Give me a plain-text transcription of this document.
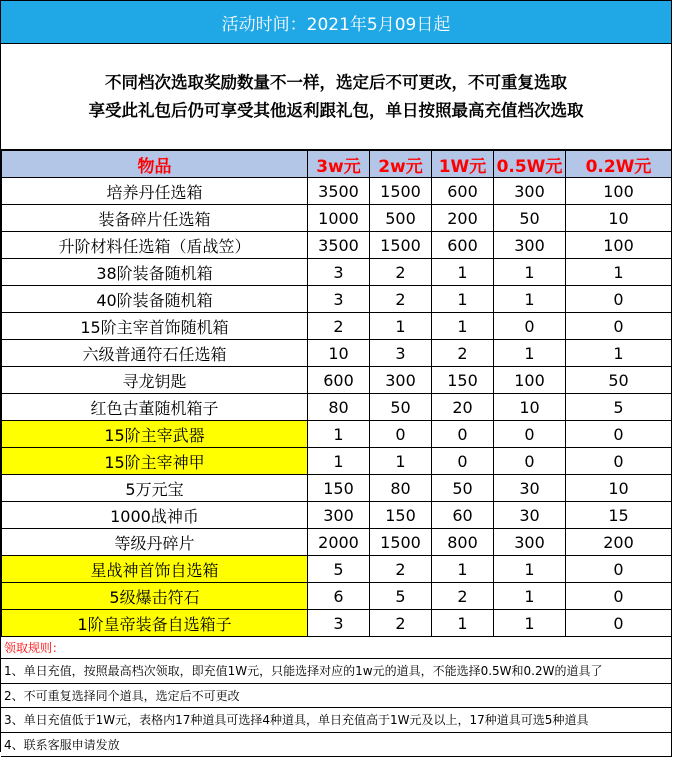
活动时间：2021年5月09日起
不同档次选取奖励数量不一样，选定后不可更改，不可重复选取
享受此礼包后仍可享受其他返利跟礼包，单日按照最高充值档次选取
物品	3w元	2w元	1W元	0.5W元	0.2W元
培养丹任选箱	3500	1500	600	300	100
装备碎片任选箱	1000	500	200	50	10
升阶材料任选箱（盾战笠）	3500	1500	600	300	100
38阶装备随机箱	3	2	1	1	1
40阶装备随机箱	3	2	1	1	0
15阶主宰首饰随机箱	2	1	1	0	0
六级普通符石任选箱	10	3	2	1	1
寻龙钥匙	600	300	150	100	50
红色古董随机箱子	80	50	20	10	5
15阶主宰武器	1	0	0	0	0
15阶主宰神甲	1	1	0	0	0
5万元宝	150	80	50	30	10
1000战神币	300	150	60	30	15
等级丹碎片	2000	1500	800	300	200
星战神首饰自选箱	5	2	1	1	0
5级爆击符石	6	5	2	1	0
1阶皇帝装备自选箱子	3	2	1	1	0
领取规则：
1、单日充值，按照最高档次领取，即充值1W元，只能选择对应的1w元的道具，不能选择0.5W和0.2W的道具了
2、不可重复选择同个道具，选定后不可更改
3、单日充值低于1W元，表格内17种道具可选择4种道具，单日充值高于1W元及以上，17种道具可选5种道具
4、联系客服申请发放
